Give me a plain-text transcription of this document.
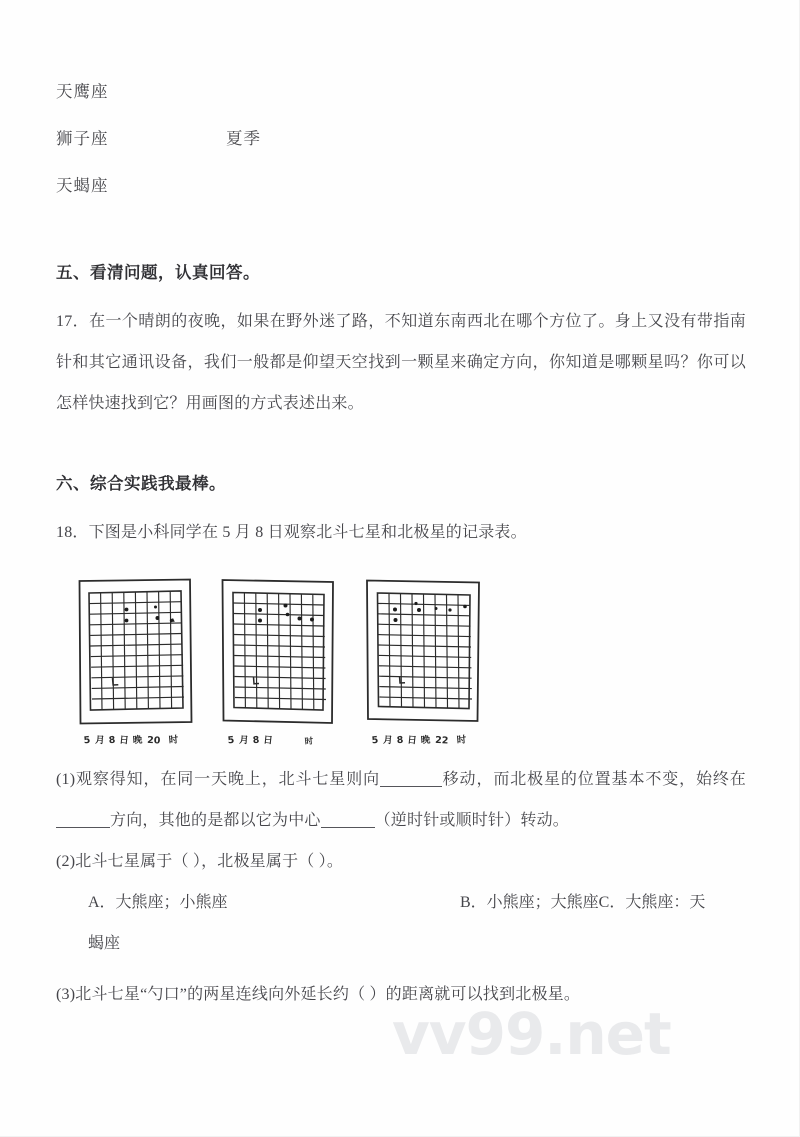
天鹰座
狮子座	夏季
天蝎座
五、看清问题，认真回答。
17．在一个晴朗的夜晚，如果在野外迷了路，不知道东南西北在哪个方位了。身上又没有带指南针和其它通讯设备，我们一般都是仰望天空找到一颗星来确定方向，你知道是哪颗星吗？你可以怎样快速找到它？用画图的方式表述出来。
六、综合实践我最棒。
18．下图是小科同学在 5 月 8 日观察北斗七星和北极星的记录表。
5 月 8 日 晚 20 时	5 月 8 日	时	5 月 8 日 晚 22 时
(1)观察得知，在同一天晚上，北斗七星则向	移动，而北极星的位置基本不变，始终在方向，其他的是都以它为中心	（逆时针或顺时针）转动。
(2)北斗七星属于（ ），北极星属于（ ）。
A．大熊座；小熊座	B．小熊座；大熊座C．大熊座：天
蝎座
(3)北斗七星“勺口”的两星连线向外延长约（ ）的距离就可以找到北极星。
vv99.net
